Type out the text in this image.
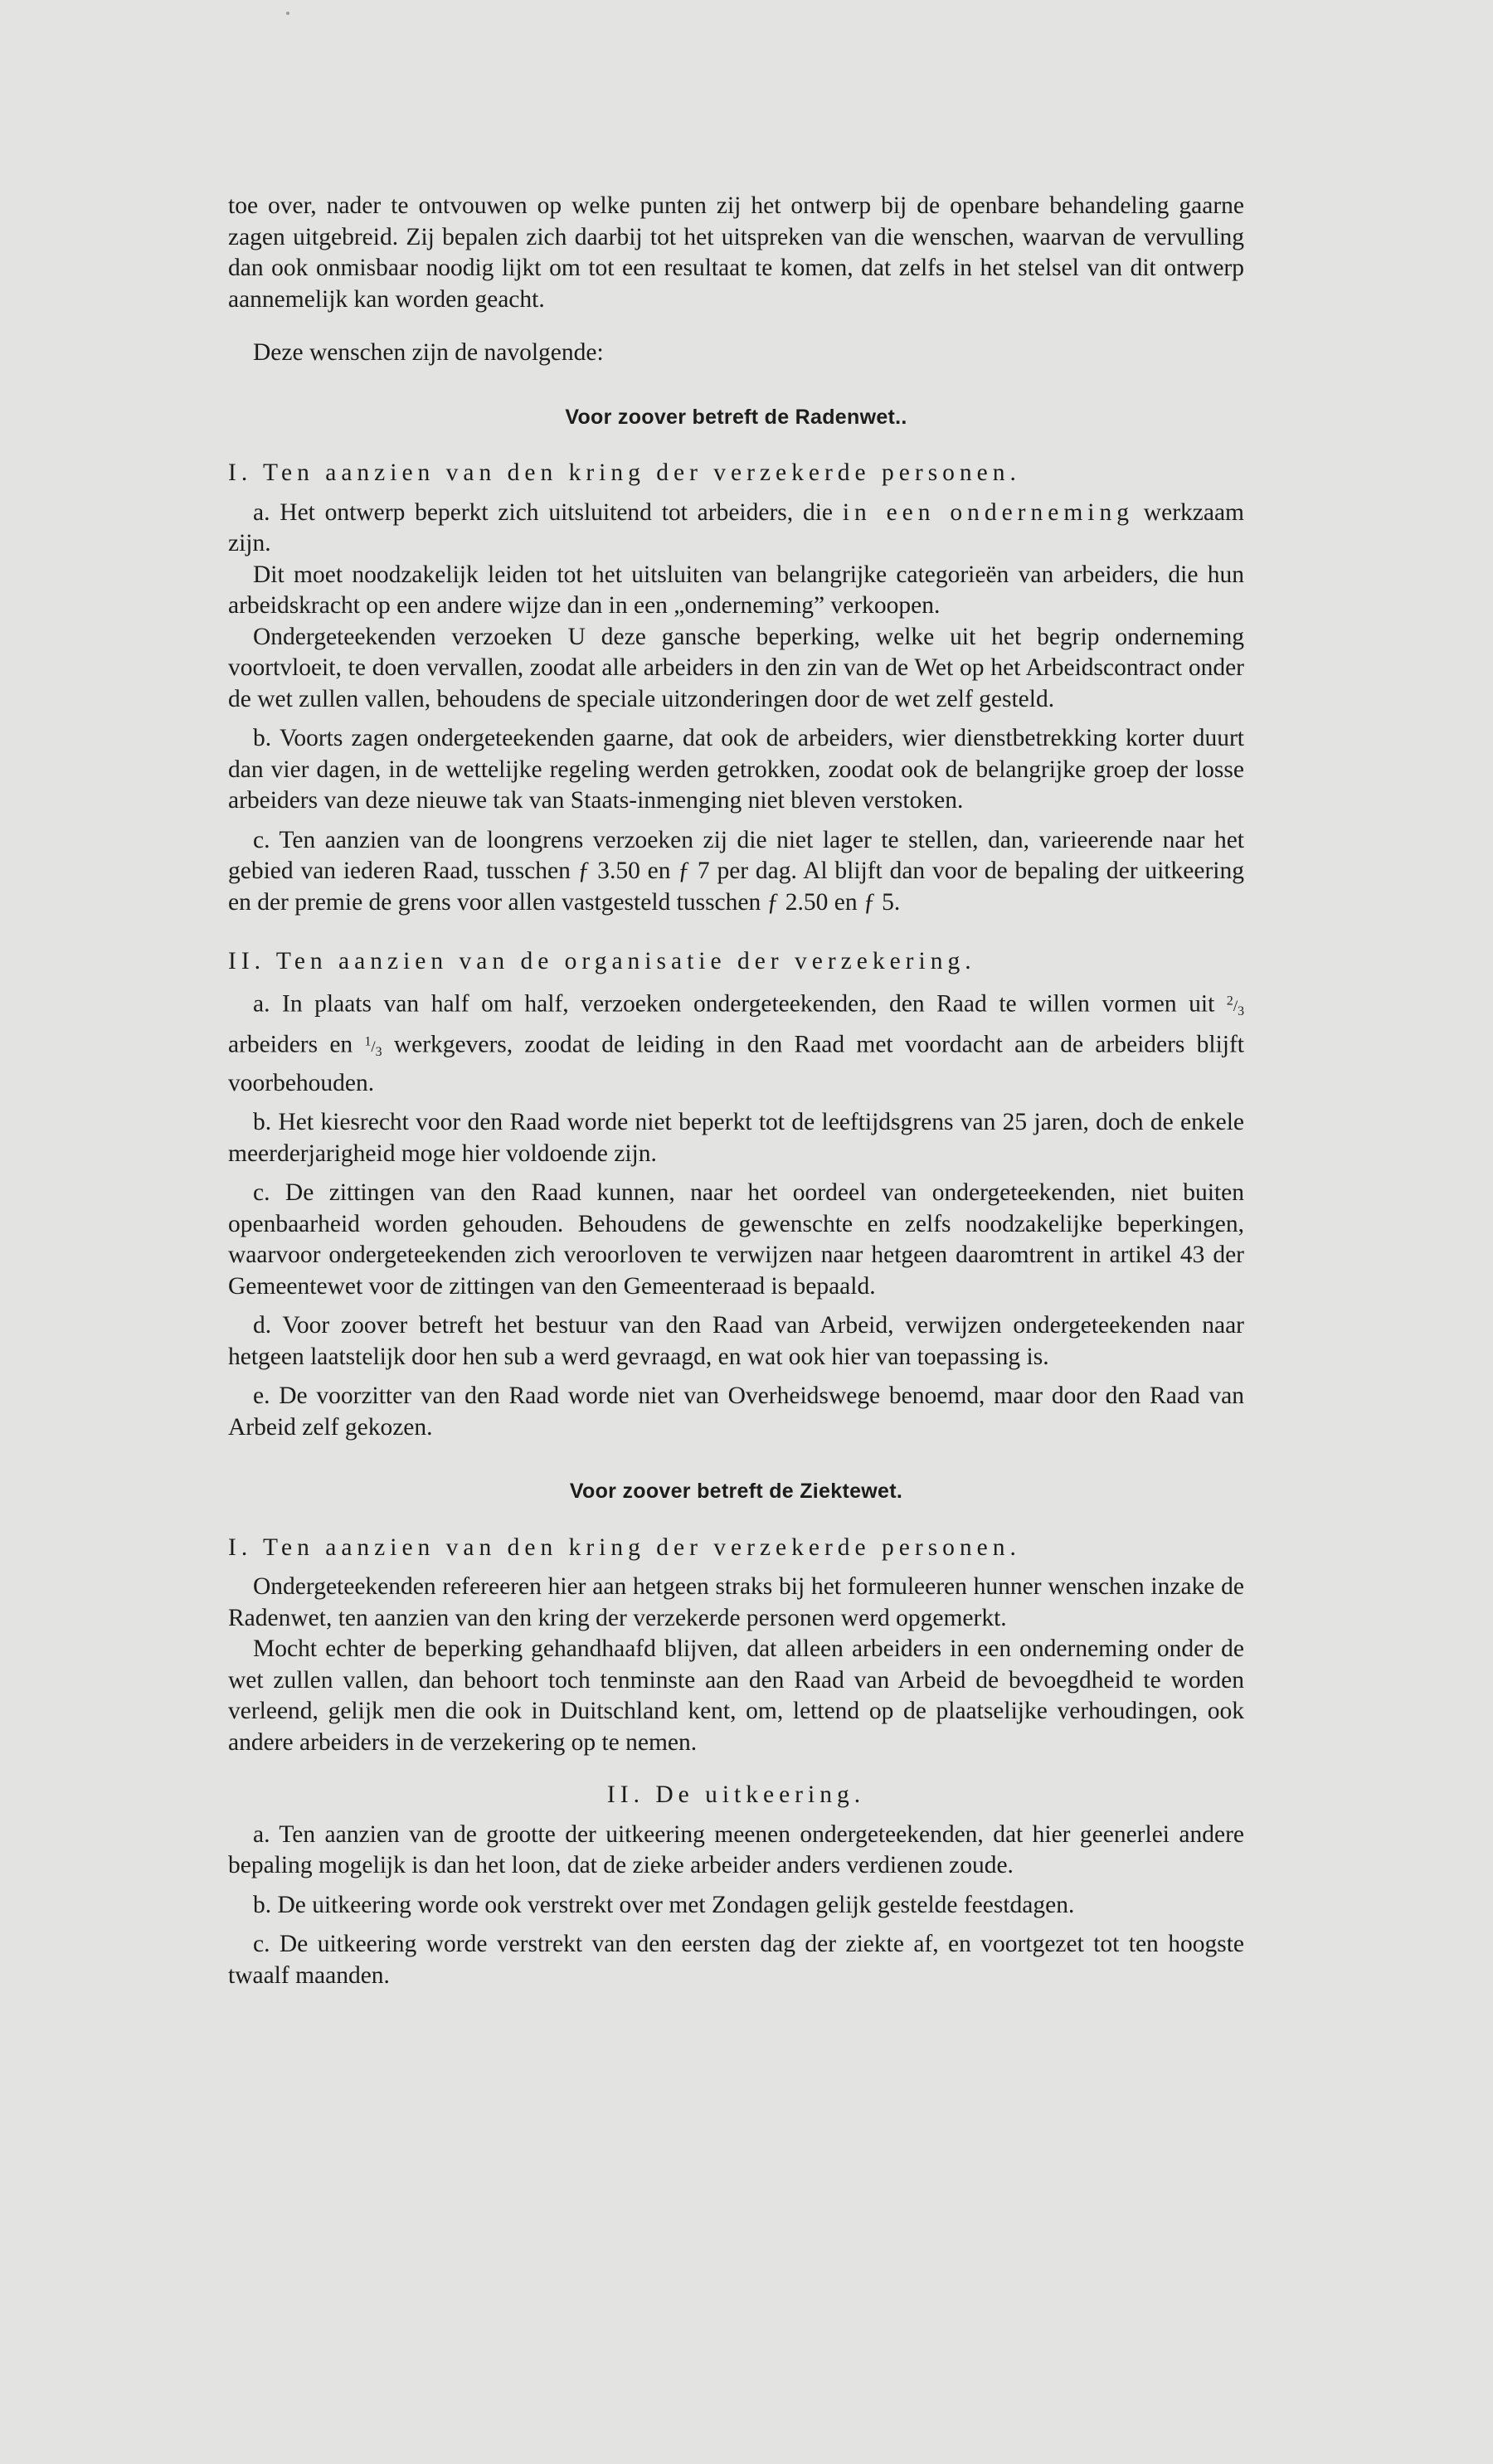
toe over, nader te ontvouwen op welke punten zij het ontwerp bij de openbare behandeling gaarne zagen uitgebreid. Zij bepalen zich daarbij tot het uitspreken van die wenschen, waarvan de vervulling dan ook onmisbaar noodig lijkt om tot een resultaat te komen, dat zelfs in het stelsel van dit ontwerp aannemelijk kan worden geacht.

Deze wenschen zijn de navolgende:

Voor zoover betreft de Radenwet..

I. Ten aanzien van den kring der verzekerde personen.

a. Het ontwerp beperkt zich uitsluitend tot arbeiders, die in een onderneming werkzaam zijn.

Dit moet noodzakelijk leiden tot het uitsluiten van belangrijke categorieën van arbeiders, die hun arbeidskracht op een andere wijze dan in een „onderneming” verkoopen.

Ondergeteekenden verzoeken U deze gansche beperking, welke uit het begrip onderneming voortvloeit, te doen vervallen, zoodat alle arbeiders in den zin van de Wet op het Arbeidscontract onder de wet zullen vallen, behoudens de speciale uitzonderingen door de wet zelf gesteld.

b. Voorts zagen ondergeteekenden gaarne, dat ook de arbeiders, wier dienstbetrekking korter duurt dan vier dagen, in de wettelijke regeling werden getrokken, zoodat ook de belangrijke groep der losse arbeiders van deze nieuwe tak van Staats-inmenging niet bleven verstoken.

c. Ten aanzien van de loongrens verzoeken zij die niet lager te stellen, dan, varieerende naar het gebied van iederen Raad, tusschen ƒ 3.50 en ƒ 7 per dag. Al blijft dan voor de bepaling der uitkeering en der premie de grens voor allen vastgesteld tusschen ƒ 2.50 en ƒ 5.

II. Ten aanzien van de organisatie der verzekering.

a. In plaats van half om half, verzoeken ondergeteekenden, den Raad te willen vormen uit $^2/_3$ arbeiders en $^1/_3$ werkgevers, zoodat de leiding in den Raad met voordacht aan de arbeiders blijft voorbehouden.

b. Het kiesrecht voor den Raad worde niet beperkt tot de leeftijdsgrens van 25 jaren, doch de enkele meerderjarigheid moge hier voldoende zijn.

c. De zittingen van den Raad kunnen, naar het oordeel van ondergeteekenden, niet buiten openbaarheid worden gehouden. Behoudens de gewenschte en zelfs noodzakelijke beperkingen, waarvoor ondergeteekenden zich veroorloven te verwijzen naar hetgeen daaromtrent in artikel 43 der Gemeentewet voor de zittingen van den Gemeenteraad is bepaald.

d. Voor zoover betreft het bestuur van den Raad van Arbeid, verwijzen ondergeteekenden naar hetgeen laatstelijk door hen sub a werd gevraagd, en wat ook hier van toepassing is.

e. De voorzitter van den Raad worde niet van Overheidswege benoemd, maar door den Raad van Arbeid zelf gekozen.

Voor zoover betreft de Ziektewet.

I. Ten aanzien van den kring der verzekerde personen.

Ondergeteekenden refereeren hier aan hetgeen straks bij het formuleeren hunner wenschen inzake de Radenwet, ten aanzien van den kring der verzekerde personen werd opgemerkt.

Mocht echter de beperking gehandhaafd blijven, dat alleen arbeiders in een onderneming onder de wet zullen vallen, dan behoort toch tenminste aan den Raad van Arbeid de bevoegdheid te worden verleend, gelijk men die ook in Duitschland kent, om, lettend op de plaatselijke verhoudingen, ook andere arbeiders in de verzekering op te nemen.

II. De uitkeering.

a. Ten aanzien van de grootte der uitkeering meenen ondergeteekenden, dat hier geenerlei andere bepaling mogelijk is dan het loon, dat de zieke arbeider anders verdienen zoude.

b. De uitkeering worde ook verstrekt over met Zondagen gelijk gestelde feestdagen.

c. De uitkeering worde verstrekt van den eersten dag der ziekte af, en voortgezet tot ten hoogste twaalf maanden.
